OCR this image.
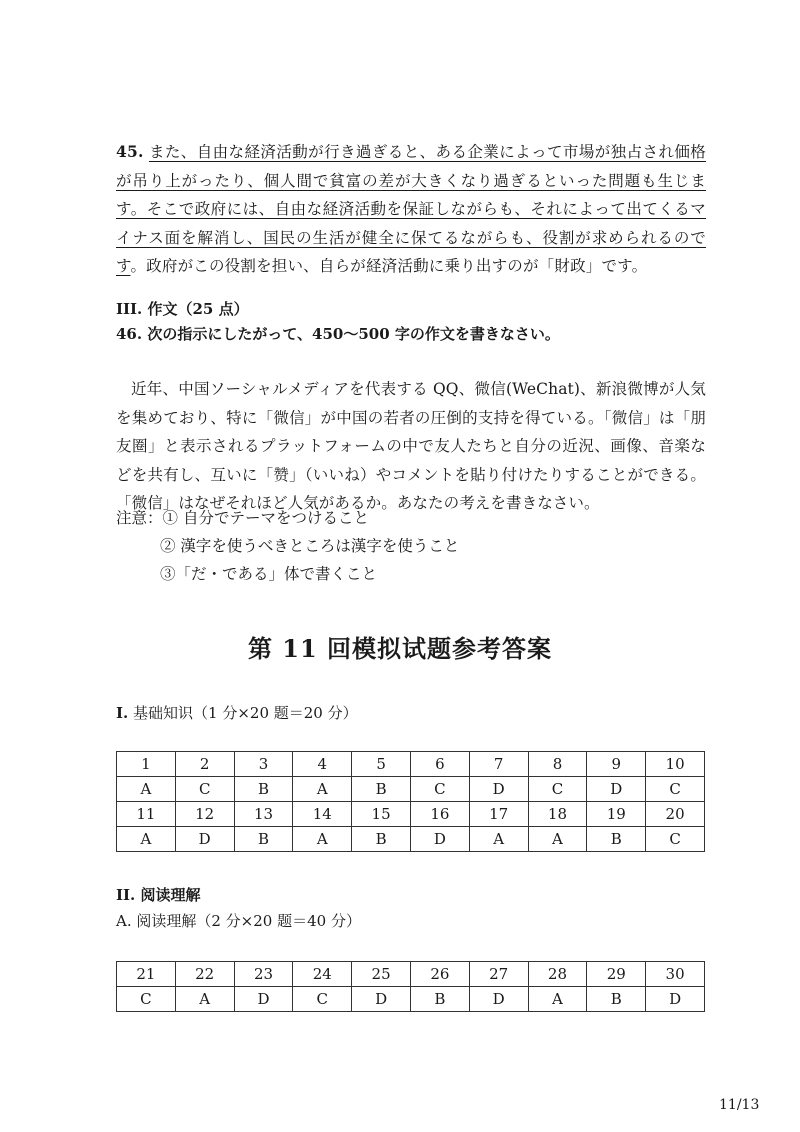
45. また、自由な経済活動が行き過ぎると、ある企業によって市場が独占され価格が吊り上がったり、個人間で貧富の差が大きくなり過ぎるといった問題も生じます。そこで政府には、自由な経済活動を保証しながらも、それによって出てくるマイナス面を解消し、国民の生活が健全に保てるながらも、役割が求められるのです。政府がこの役割を担い、自らが経済活動に乗り出すのが「財政」です。

III. 作文（25 点）

46. 次の指示にしたがって、450～500 字の作文を書きなさい。

近年、中国ソーシャルメディアを代表する QQ、微信(WeChat)、新浪微博が人気を集めており、特に「微信」が中国の若者の圧倒的支持を得ている。「微信」は「朋友圈」と表示されるプラットフォームの中で友人たちと自分の近況、画像、音楽などを共有し、互いに「赞」（いいね）やコメントを貼り付けたりすることができる。「微信」はなぜそれほど人気があるか。あなたの考えを書きなさい。

注意：① 自分でテーマをつけること
② 漢字を使うべきところは漢字を使うこと
③「だ・である」体で書くこと
第 11 回模拟试题参考答案
I. 基础知识（1 分×20 题＝20 分）
1	2	3	4	5	6	7	8	9	10
A	C	B	A	B	C	D	C	D	C
11	12	13	14	15	16	17	18	19	20
A	D	B	A	B	D	A	A	B	C
II. 阅读理解
A. 阅读理解（2 分×20 题＝40 分）
21	22	23	24	25	26	27	28	29	30
C	A	D	C	D	B	D	A	B	D
11/13
